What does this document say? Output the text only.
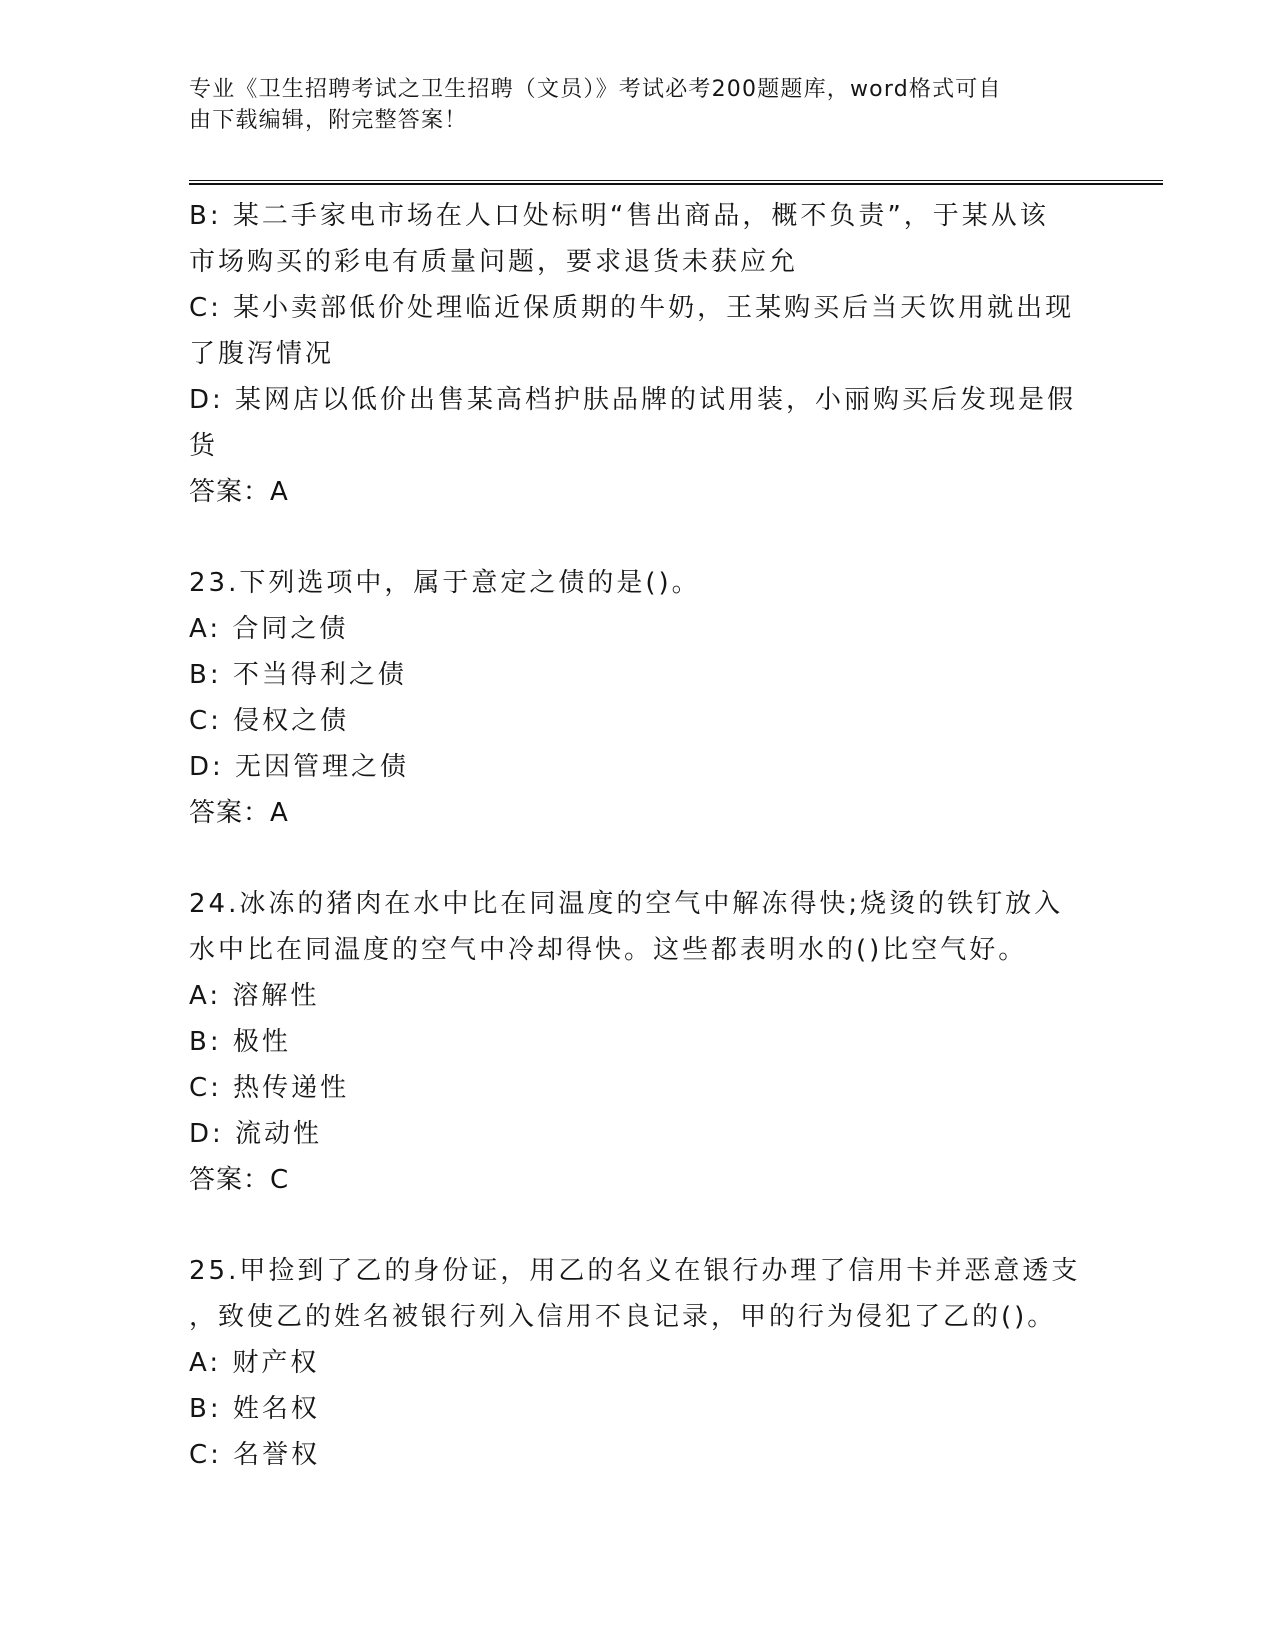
专业《卫生招聘考试之卫生招聘（文员）》考试必考200题题库，word格式可自
由下载编辑，附完整答案！
B: 某二手家电市场在人口处标明“售出商品，概不负责”，于某从该
市场购买的彩电有质量问题，要求退货未获应允
C: 某小卖部低价处理临近保质期的牛奶，王某购买后当天饮用就出现
了腹泻情况
D: 某网店以低价出售某高档护肤品牌的试用装，小丽购买后发现是假
货
答案：A
23.下列选项中，属于意定之债的是()。
A: 合同之债
B: 不当得利之债
C: 侵权之债
D: 无因管理之债
答案：A
24.冰冻的猪肉在水中比在同温度的空气中解冻得快;烧烫的铁钉放入
水中比在同温度的空气中冷却得快。这些都表明水的()比空气好。
A: 溶解性
B: 极性
C: 热传递性
D: 流动性
答案：C
25.甲捡到了乙的身份证，用乙的名义在银行办理了信用卡并恶意透支
，致使乙的姓名被银行列入信用不良记录，甲的行为侵犯了乙的()。
A: 财产权
B: 姓名权
C: 名誉权
